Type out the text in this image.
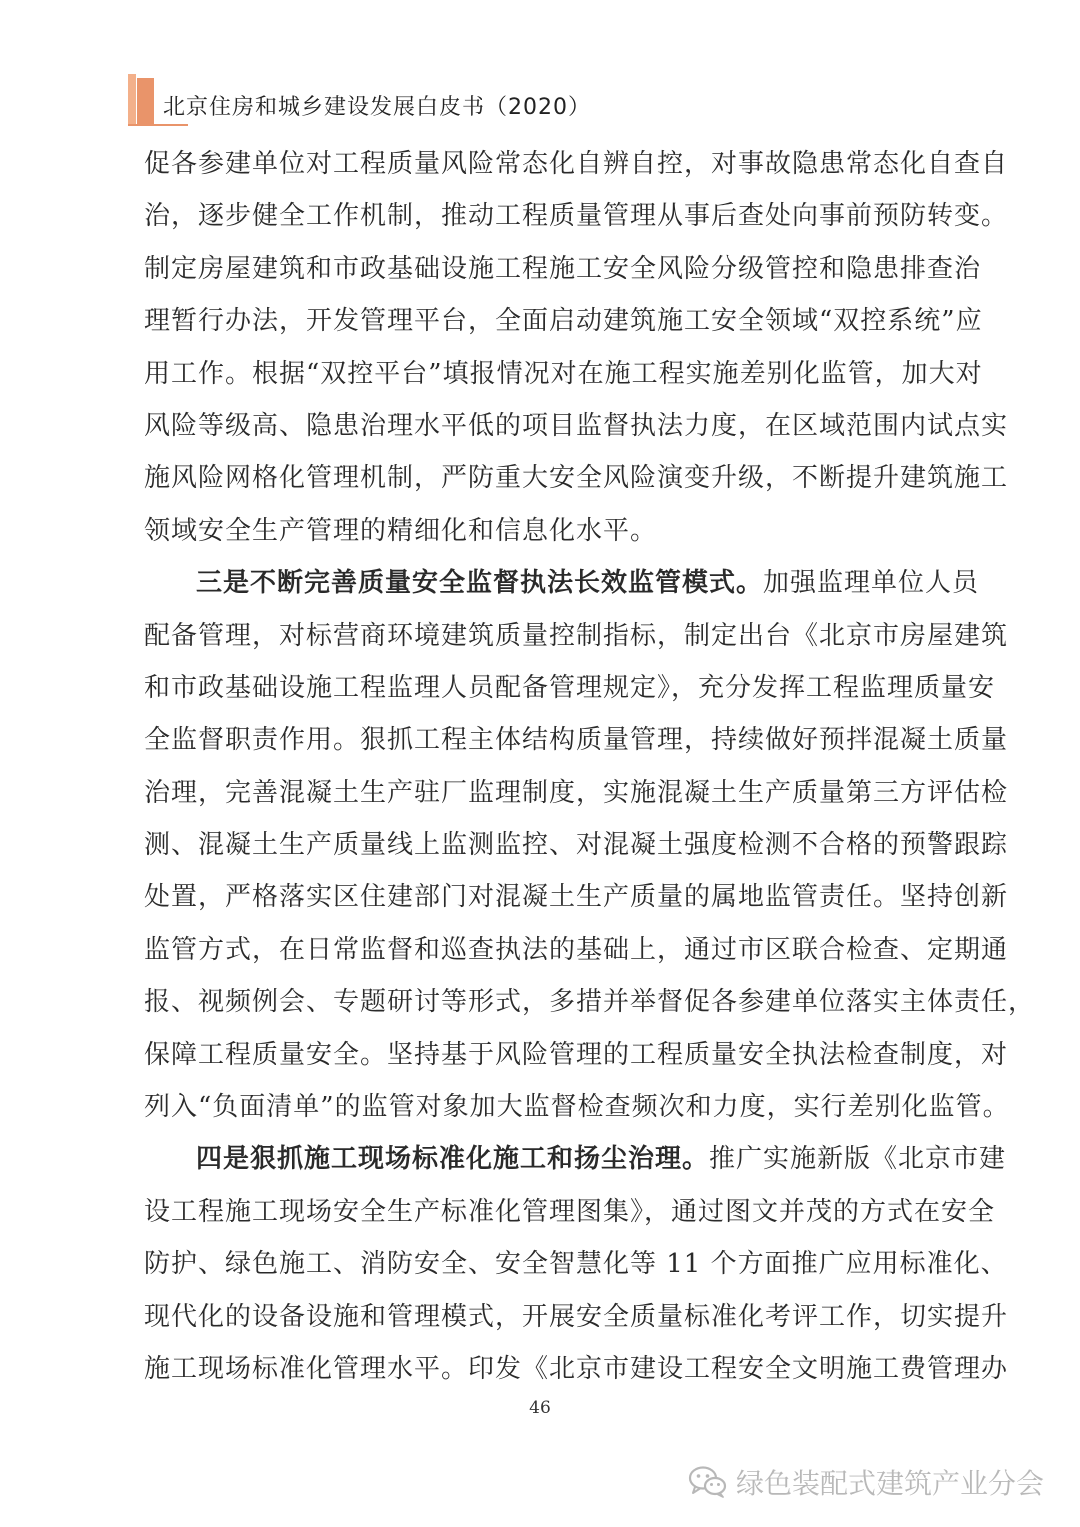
北京住房和城乡建设发展白皮书（2020）
促各参建单位对工程质量风险常态化自辨自控，对事故隐患常态化自查自
治，逐步健全工作机制，推动工程质量管理从事后查处向事前预防转变。
制定房屋建筑和市政基础设施工程施工安全风险分级管控和隐患排查治
理暂行办法，开发管理平台，全面启动建筑施工安全领域“双控系统”应
用工作。根据“双控平台”填报情况对在施工程实施差别化监管，加大对
风险等级高、隐患治理水平低的项目监督执法力度，在区域范围内试点实
施风险网格化管理机制，严防重大安全风险演变升级，不断提升建筑施工
领域安全生产管理的精细化和信息化水平。
三是不断完善质量安全监督执法长效监管模式。加强监理单位人员
配备管理，对标营商环境建筑质量控制指标，制定出台《北京市房屋建筑
和市政基础设施工程监理人员配备管理规定》，充分发挥工程监理质量安
全监督职责作用。狠抓工程主体结构质量管理，持续做好预拌混凝土质量
治理，完善混凝土生产驻厂监理制度，实施混凝土生产质量第三方评估检
测、混凝土生产质量线上监测监控、对混凝土强度检测不合格的预警跟踪
处置，严格落实区住建部门对混凝土生产质量的属地监管责任。坚持创新
监管方式，在日常监督和巡查执法的基础上，通过市区联合检查、定期通
报、视频例会、专题研讨等形式，多措并举督促各参建单位落实主体责任，
保障工程质量安全。坚持基于风险管理的工程质量安全执法检查制度，对
列入“负面清单”的监管对象加大监督检查频次和力度，实行差别化监管。
四是狠抓施工现场标准化施工和扬尘治理。推广实施新版《北京市建
设工程施工现场安全生产标准化管理图集》，通过图文并茂的方式在安全
防护、绿色施工、消防安全、安全智慧化等 11 个方面推广应用标准化、
现代化的设备设施和管理模式，开展安全质量标准化考评工作，切实提升
施工现场标准化管理水平。印发《北京市建设工程安全文明施工费管理办
46
绿色装配式建筑产业分会
